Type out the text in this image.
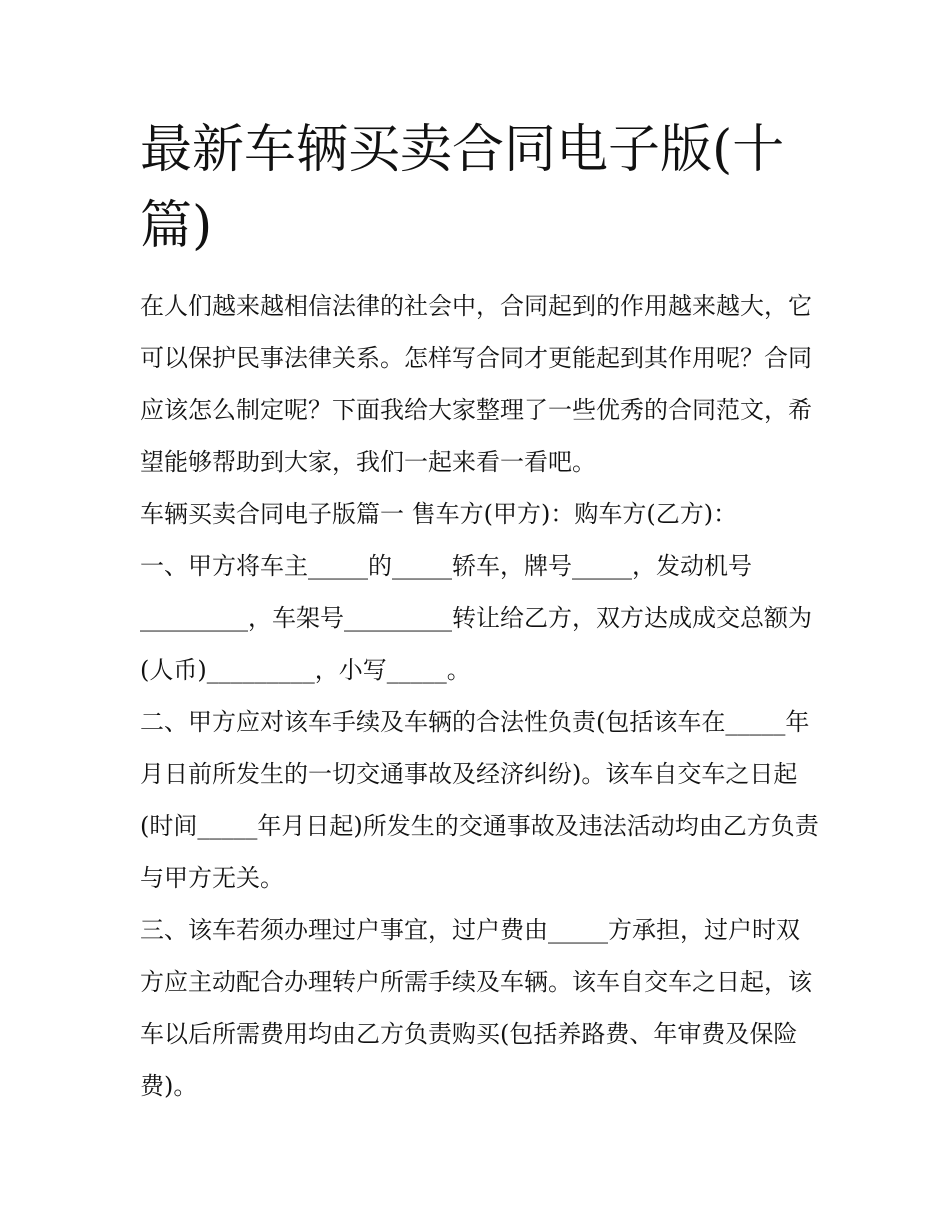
最新车辆买卖合同电子版(十篇)

在人们越来越相信法律的社会中，合同起到的作用越来越大，它可以保护民事法律关系。怎样写合同才更能起到其作用呢？合同应该怎么制定呢？下面我给大家整理了一些优秀的合同范文，希望能够帮助到大家，我们一起来看一看吧。

车辆买卖合同电子版篇一 售车方(甲方)：购车方(乙方)：

一、甲方将车主_____的_____轿车，牌号_____，发动机号_________，车架号_________转让给乙方，双方达成成交总额为(人币)_________，小写_____。

二、甲方应对该车手续及车辆的合法性负责(包括该车在_____年月日前所发生的一切交通事故及经济纠纷)。该车自交车之日起(时间_____年月日起)所发生的交通事故及违法活动均由乙方负责与甲方无关。

三、该车若须办理过户事宜，过户费由_____方承担，过户时双方应主动配合办理转户所需手续及车辆。该车自交车之日起，该车以后所需费用均由乙方负责购买(包括养路费、年审费及保险费)。
